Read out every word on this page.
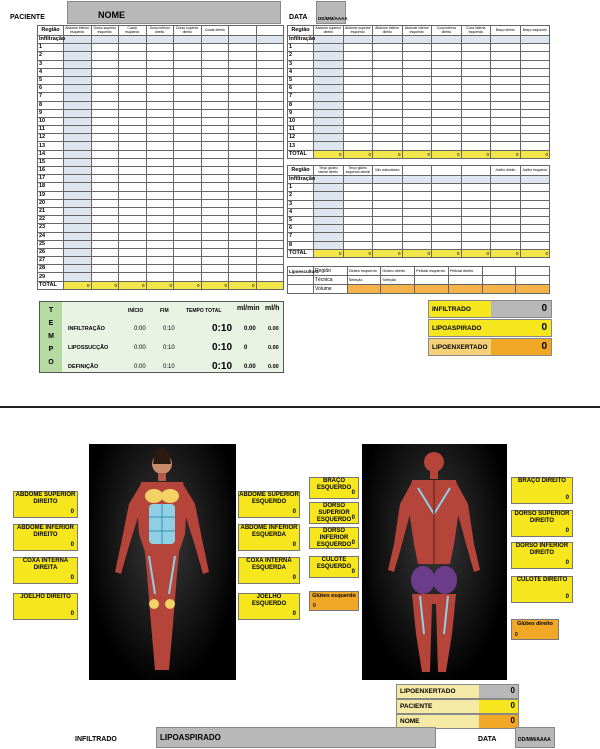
PACIENTE	NOME	DATA DD/MM/AAAA
Região	Abdome inferior esquerdo	Dorso superior esquerdo	Culote esquerdo	Dorso inferior direito	Dorso superior direito	Culote direito		
Infiltração								
1								
2								
3								
4								
5								
6								
7								
8								
9								
10								
11								
12								
13								
14								
15								
16								
17								
18								
19								
20								
21								
22								
23								
24								
25								
26								
27								
28								
29								
TOTAL	0	0	0	0	0	0	0	
Região	Abdome superior direito	Abdome superior esquerdo	Abdome inferior direito	Abdome inferior esquerdo	Coxa interna direita	Coxa interna esquerda	Braço direito	Braço esquerdo
Infiltração								
1								
2								
3								
4								
5								
6								
7								
8								
9								
10								
11								
12								
13								
TOTAL	0	0	0	0	0	0	0	0
Região	Terço glúteo lateral direito	Terço glúteo esquerdo lateral	Vão subcutâneo				Joelho direito	Joelho esquerdo
Infiltração								
1								
2								
3								
4								
5								
6								
7								
8								
TOTAL	0	0	0	0	0	0	0	0
Lipoescultura	Região	Glúteo esquerdo	Glúteo direito	Pelicial esquerdo	Pelicial direito		
	Técnica	Seleção	Seleção				
	Volume						
T E M P O
INÍCIO	FIM	TEMPO TOTAL ml/min ml/h
INFILTRAÇÃO	0:00	0:10	0:10 0.00 0.00
LIPOSSUCÇÃO	0:00	0:10	0:10 0	0.00
DEFINIÇÃO	0:00	0:10	0:10 0.00 0.00
INFILTRADO	0
LIPOASPIRADO	0
LIPOENXERTADO	0
ABDOME SUPERIOR DIREITO
0
ABDOME INFERIOR DIREITO
0
COXA INTERNA DIREITA
0
JOELHO DIREITO
0
ABDOME SUPERIOR ESQUERDO
0
ABDOME INFERIOR ESQUERDA
0
COXA INTERNA ESQUERDA
0
JOELHO ESQUERDO
0
BRAÇO ESQUERDO
0
DORSO SUPERIOR ESQUERDO 0
DORSO INFERIOR ESQUERDO 0
CULOTE ESQUERDO
0
BRAÇO DIREITO
0
DORSO SUPERIOR DIREITO
0
DORSO INFERIOR DIREITO
0
CULOTE DIREITO
0
Glúteo esquerdo
0
Glúteo direito
0
LIPOENXERTADO	0
PACIENTE	0
NOME	0
INFILTRADO	LIPOASPIRADO	DATA	DD/MM/AAAA
